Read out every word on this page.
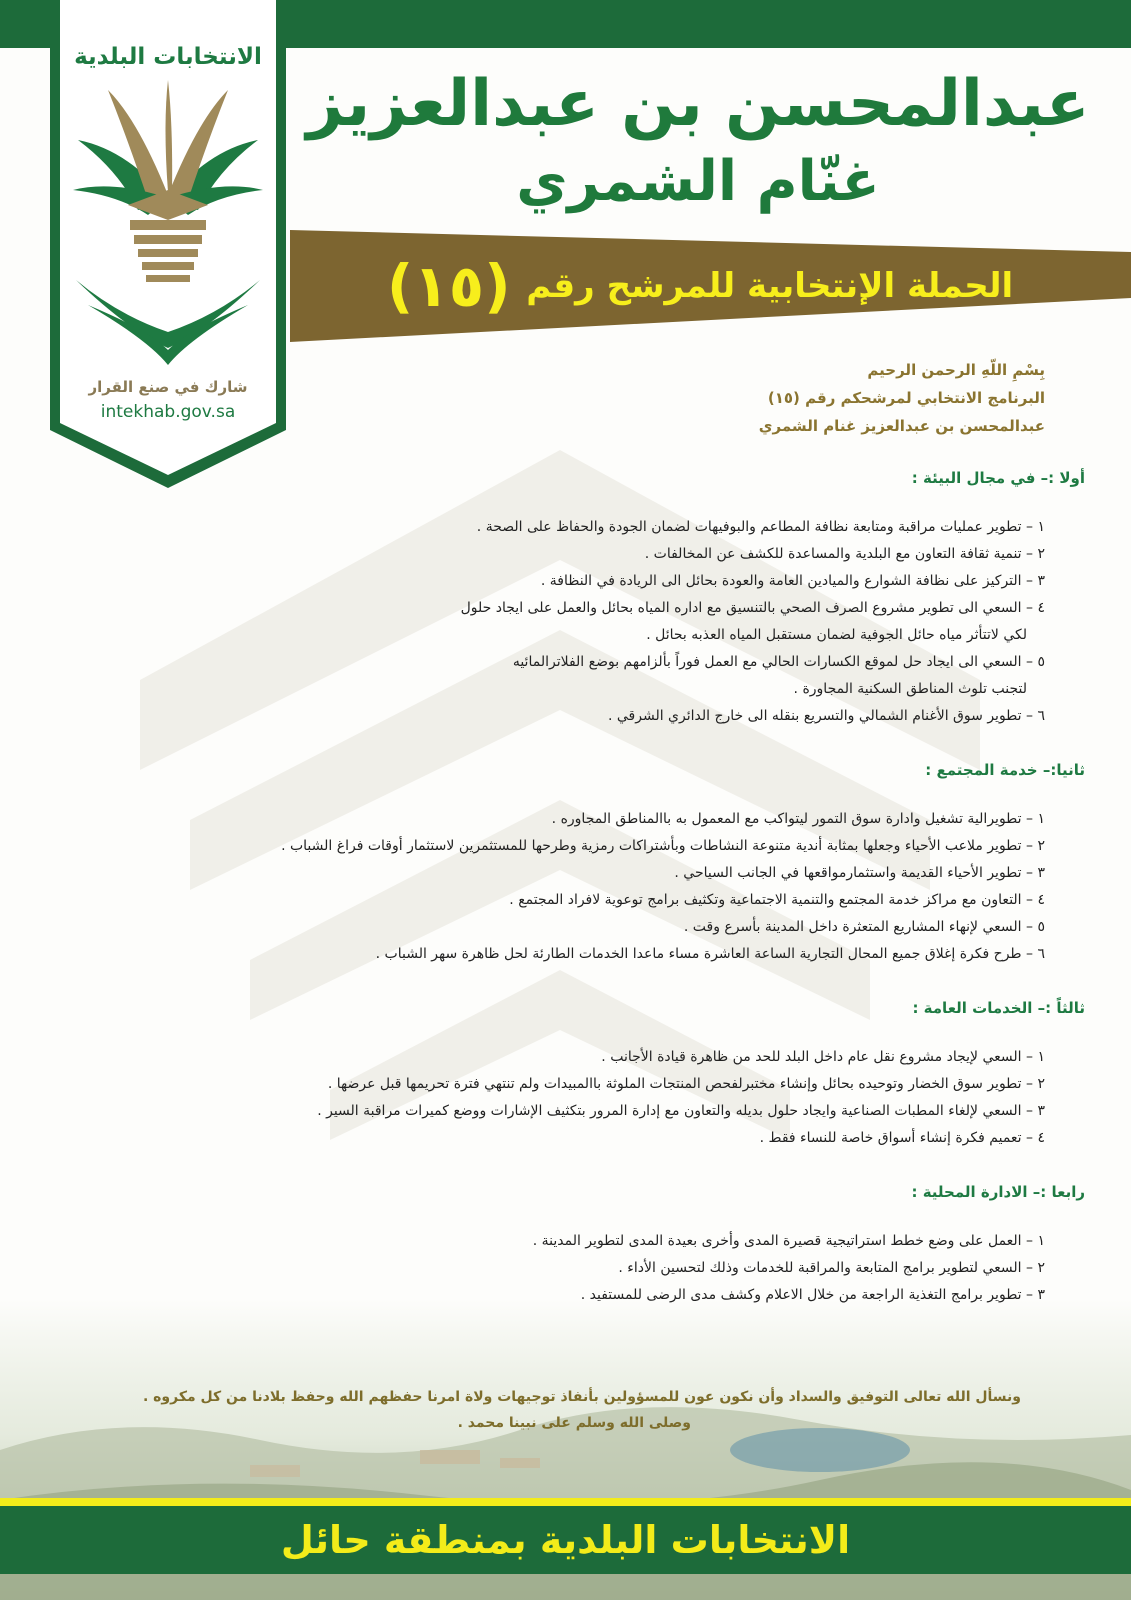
عبدالمحسن بن عبدالعزيز
غنّام الشمري
الحملة الإنتخابية للمرشح رقم (١٥)
الانتخابات البلدية
شارك في صنع القرار
intekhab.gov.sa
بِسْمِ اللّهِ الرحمن الرحيم
البرنامج الانتخابي لمرشحكم رقم (١٥)
عبدالمحسن بن عبدالعزيز غنام الشمري
أولا :– في مجال البيئة :
١ – تطوير عمليات مراقبة ومتابعة نظافة المطاعم والبوفيهات لضمان الجودة والحفاظ على الصحة .
٢ – تنمية ثقافة التعاون مع البلدية والمساعدة للكشف عن المخالفات .
٣ – التركيز على نظافة الشوارع والميادين العامة والعودة بحائل الى الريادة في النظافة .
٤ – السعي الى تطوير مشروع الصرف الصحي بالتنسيق مع اداره المياه بحائل والعمل على ايجاد حلول
لكي لاتتأثر مياه حائل الجوفية لضمان مستقبل المياه العذبه بحائل .
٥ – السعي الى ايجاد حل لموقع الكسارات الحالي مع العمل فوراً بألزامهم بوضع الفلاترالمائيه
لتجنب تلوث المناطق السكنية المجاورة .
٦ – تطوير سوق الأغنام الشمالي والتسريع بنقله الى خارج الدائري الشرقي .
ثانيا:– خدمة المجتمع :
١ – تطويرالية تشغيل وادارة سوق التمور ليتواكب مع المعمول به باالمناطق المجاوره .
٢ – تطوير ملاعب الأحياء وجعلها بمثابة أندية متنوعة النشاطات وبأشتراكات رمزية وطرحها للمستثمرين لاستثمار أوقات فراغ الشباب .
٣ – تطوير الأحياء القديمة واستثمارمواقعها في الجانب السياحي .
٤ – التعاون مع مراكز خدمة المجتمع والتنمية الاجتماعية وتكثيف برامج توعوية لافراد المجتمع .
٥ – السعي لإنهاء المشاريع المتعثرة داخل المدينة بأسرع وقت .
٦ – طرح فكرة إغلاق جميع المحال التجارية الساعة العاشرة مساء ماعدا الخدمات الطارئة لحل ظاهرة سهر الشباب .
ثالثاً :– الخدمات العامة :
١ – السعي لإيجاد مشروع نقل عام داخل البلد للحد من ظاهرة قيادة الأجانب .
٢ – تطوير سوق الخضار وتوحيده بحائل وإنشاء مختبرلفحص المنتجات الملوثة باالمبيدات ولم تنتهي فترة تحريمها قبل عرضها .
٣ – السعي لإلغاء المطبات الصناعية وايجاد حلول بديله والتعاون مع إدارة المرور بتكثيف الإشارات ووضع كميرات مراقبة السير .
٤ – تعميم فكرة إنشاء أسواق خاصة للنساء فقط .
رابعا :– الادارة المحلية :
١ – العمل على وضع خطط استراتيجية قصيرة المدى وأخرى بعيدة المدى لتطوير المدينة .
٢ – السعي لتطوير برامج المتابعة والمراقبة للخدمات وذلك لتحسين الأداء .
٣ – تطوير برامج التغذية الراجعة من خلال الاعلام وكشف مدى الرضى للمستفيد .
ونسأل الله تعالى التوفيق والسداد وأن نكون عون للمسؤولين بأنفاذ توجيهات ولاة امرنا حفظهم الله وحفظ بلادنا من كل مكروه .
وصلى الله وسلم على نبينا محمد .
الانتخابات البلدية بمنطقة حائل
